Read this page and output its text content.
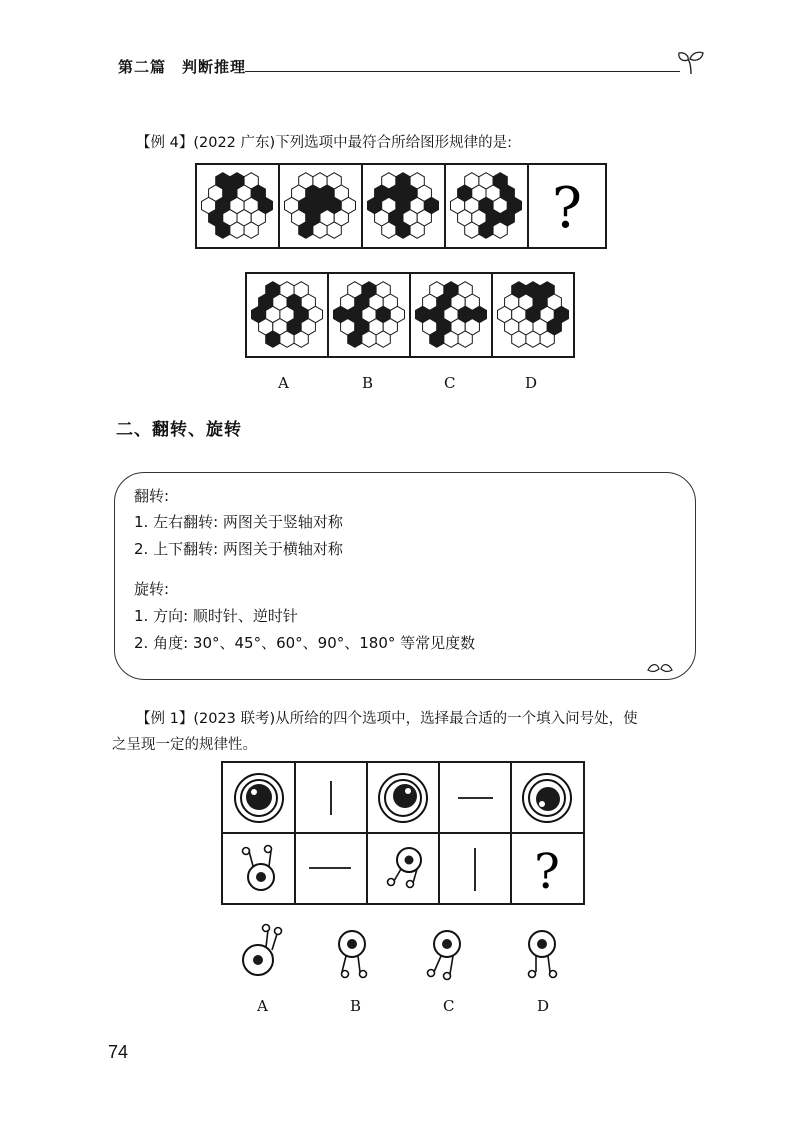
第二篇　判断推理
【例 4】(2022 广东)下列选项中最符合所给图形规律的是:
?
A	B	C	D
二、翻转、旋转
翻转:
1. 左右翻转: 两图关于竖轴对称
2. 上下翻转: 两图关于横轴对称
旋转:
1. 方向: 顺时针、逆时针
2. 角度: 30°、45°、60°、90°、180° 等常见度数
【例 1】(2023 联考)从所给的四个选项中，选择最合适的一个填入问号处，使
之呈现一定的规律性。
?
A	B	C	D
74
